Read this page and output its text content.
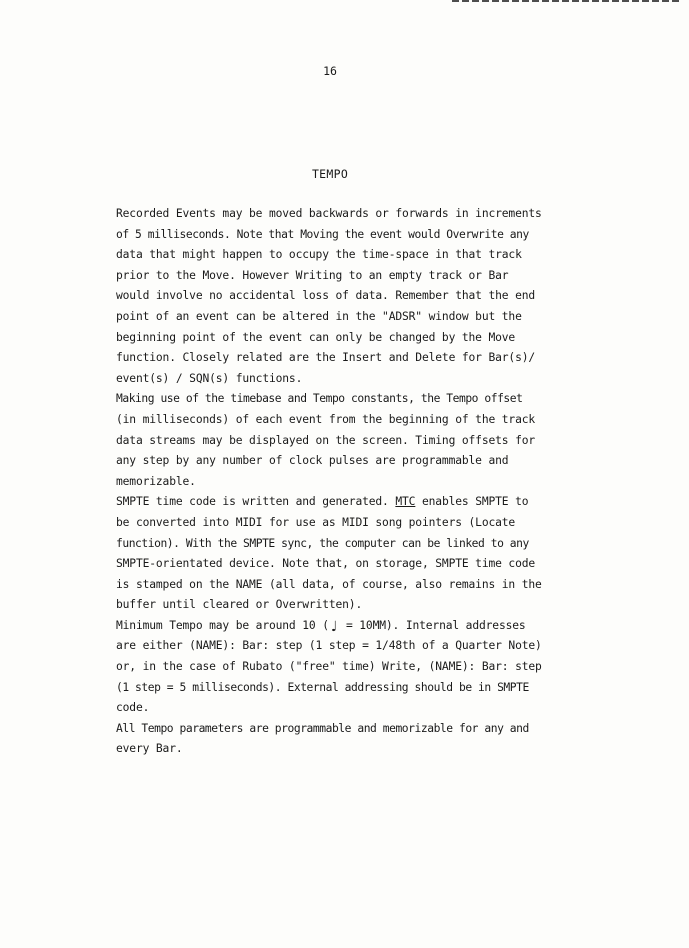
16
TEMPO
Recorded Events may be moved backwards or forwards in increments
of 5 milliseconds. Note that Moving the event would Overwrite any
data that might happen to occupy the time-space in that track
prior to the Move. However Writing to an empty track or Bar
would involve no accidental loss of data. Remember that the end
point of an event can be altered in the "ADSR" window but the
beginning point of the event can only be changed by the Move
function. Closely related are the Insert and Delete for Bar(s)/
event(s) / SQN(s) functions.
Making use of the timebase and Tempo constants, the Tempo offset
(in milliseconds) of each event from the beginning of the track
data streams may be displayed on the screen. Timing offsets for
any step by any number of clock pulses are programmable and
memorizable.
SMPTE time code is written and generated. MTC enables SMPTE to
be converted into MIDI for use as MIDI song pointers (Locate
function). With the SMPTE sync, the computer can be linked to any
SMPTE-orientated device. Note that, on storage, SMPTE time code
is stamped on the NAME (all data, of course, also remains in the
buffer until cleared or Overwritten).
Minimum Tempo may be around 10 ( ♩ = 10MM). Internal addresses
are either (NAME): Bar: step (1 step = 1/48th of a Quarter Note)
or, in the case of Rubato ("free" time) Write, (NAME): Bar: step
(1 step = 5 milliseconds). External addressing should be in SMPTE
code.
All Tempo parameters are programmable and memorizable for any and
every Bar.
